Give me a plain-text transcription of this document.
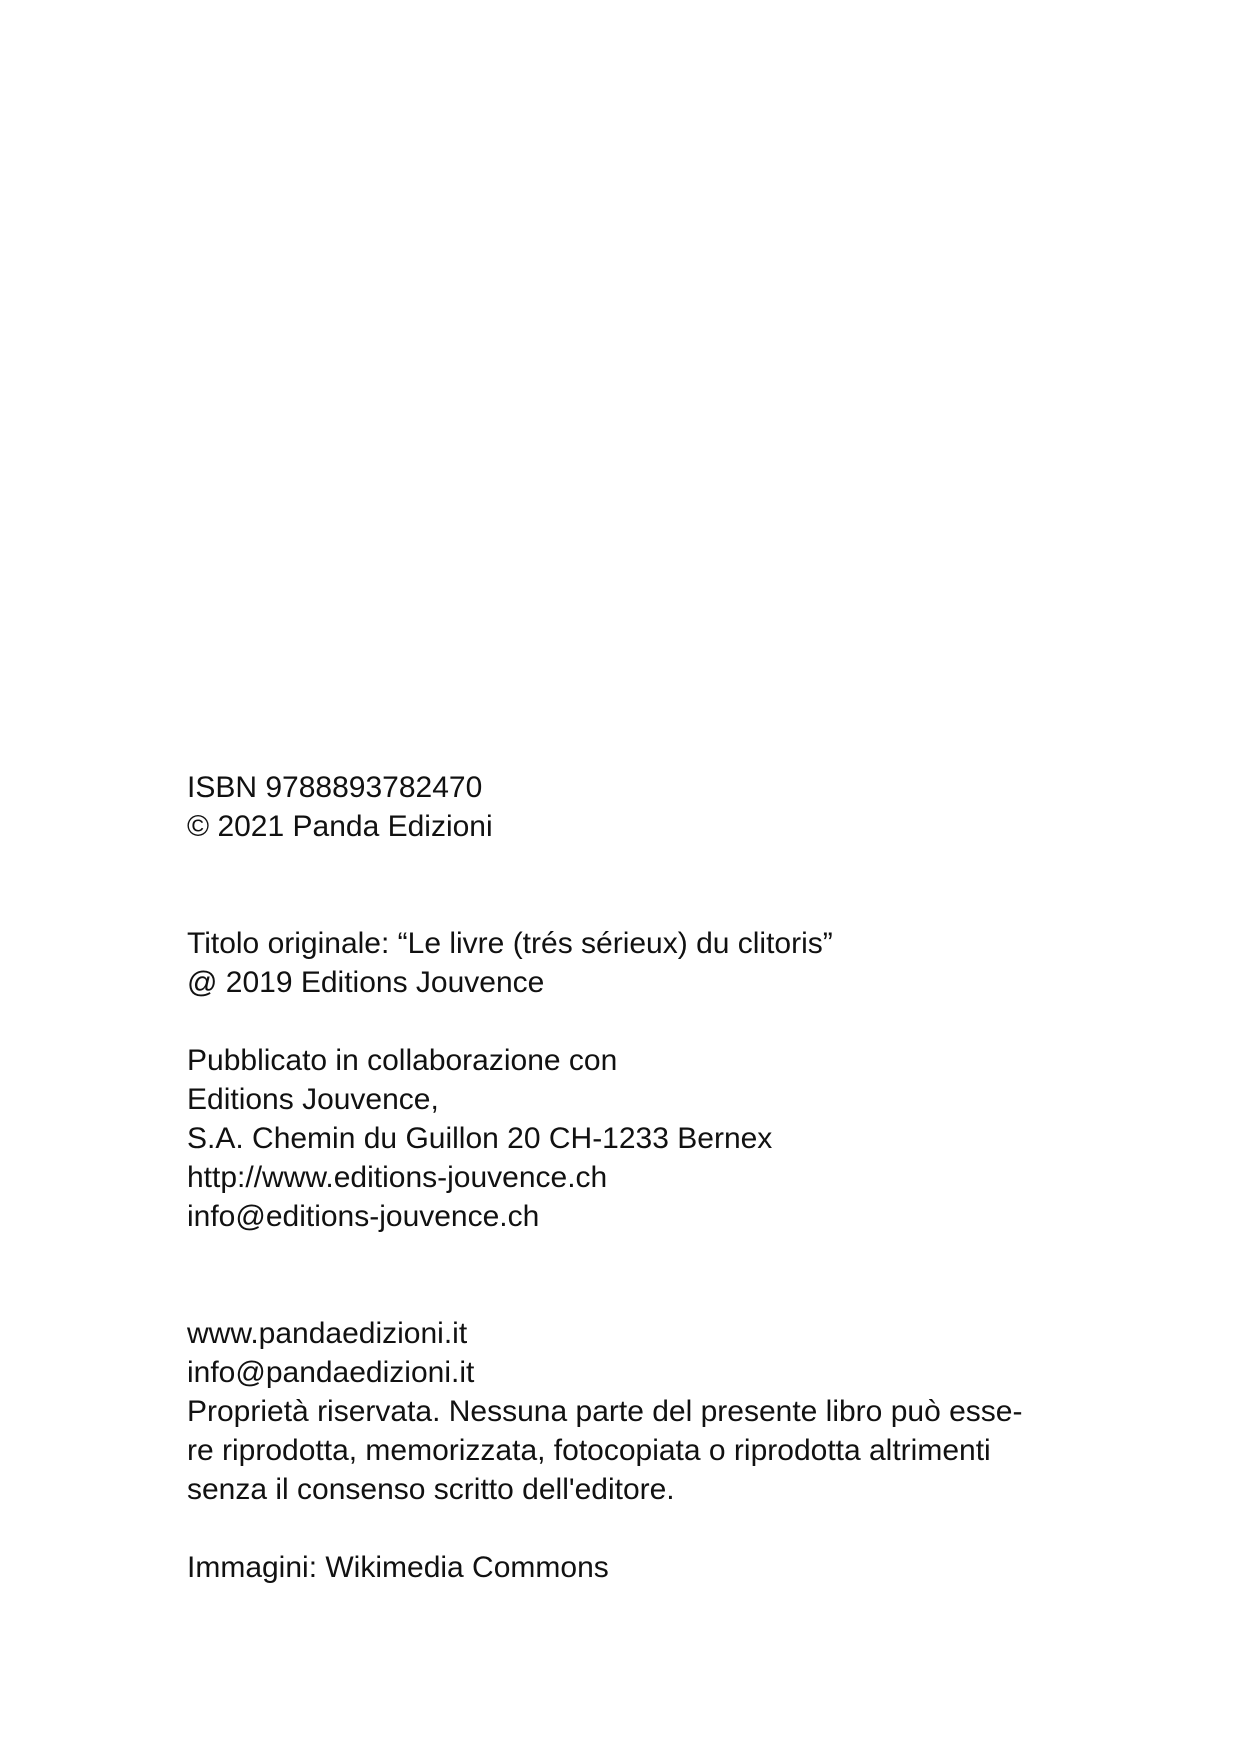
ISBN 9788893782470
© 2021 Panda Edizioni
Titolo originale: “Le livre (trés sérieux) du clitoris”
@ 2019 Editions Jouvence
Pubblicato in collaborazione con
Editions Jouvence,
S.A. Chemin du Guillon 20 CH-1233 Bernex
http://www.editions-jouvence.ch
info@editions-jouvence.ch
www.pandaedizioni.it
info@pandaedizioni.it
Proprietà riservata. Nessuna parte del presente libro può esse-
re riprodotta, memorizzata, fotocopiata o riprodotta altrimenti
senza il consenso scritto dell'editore.
Immagini: Wikimedia Commons
